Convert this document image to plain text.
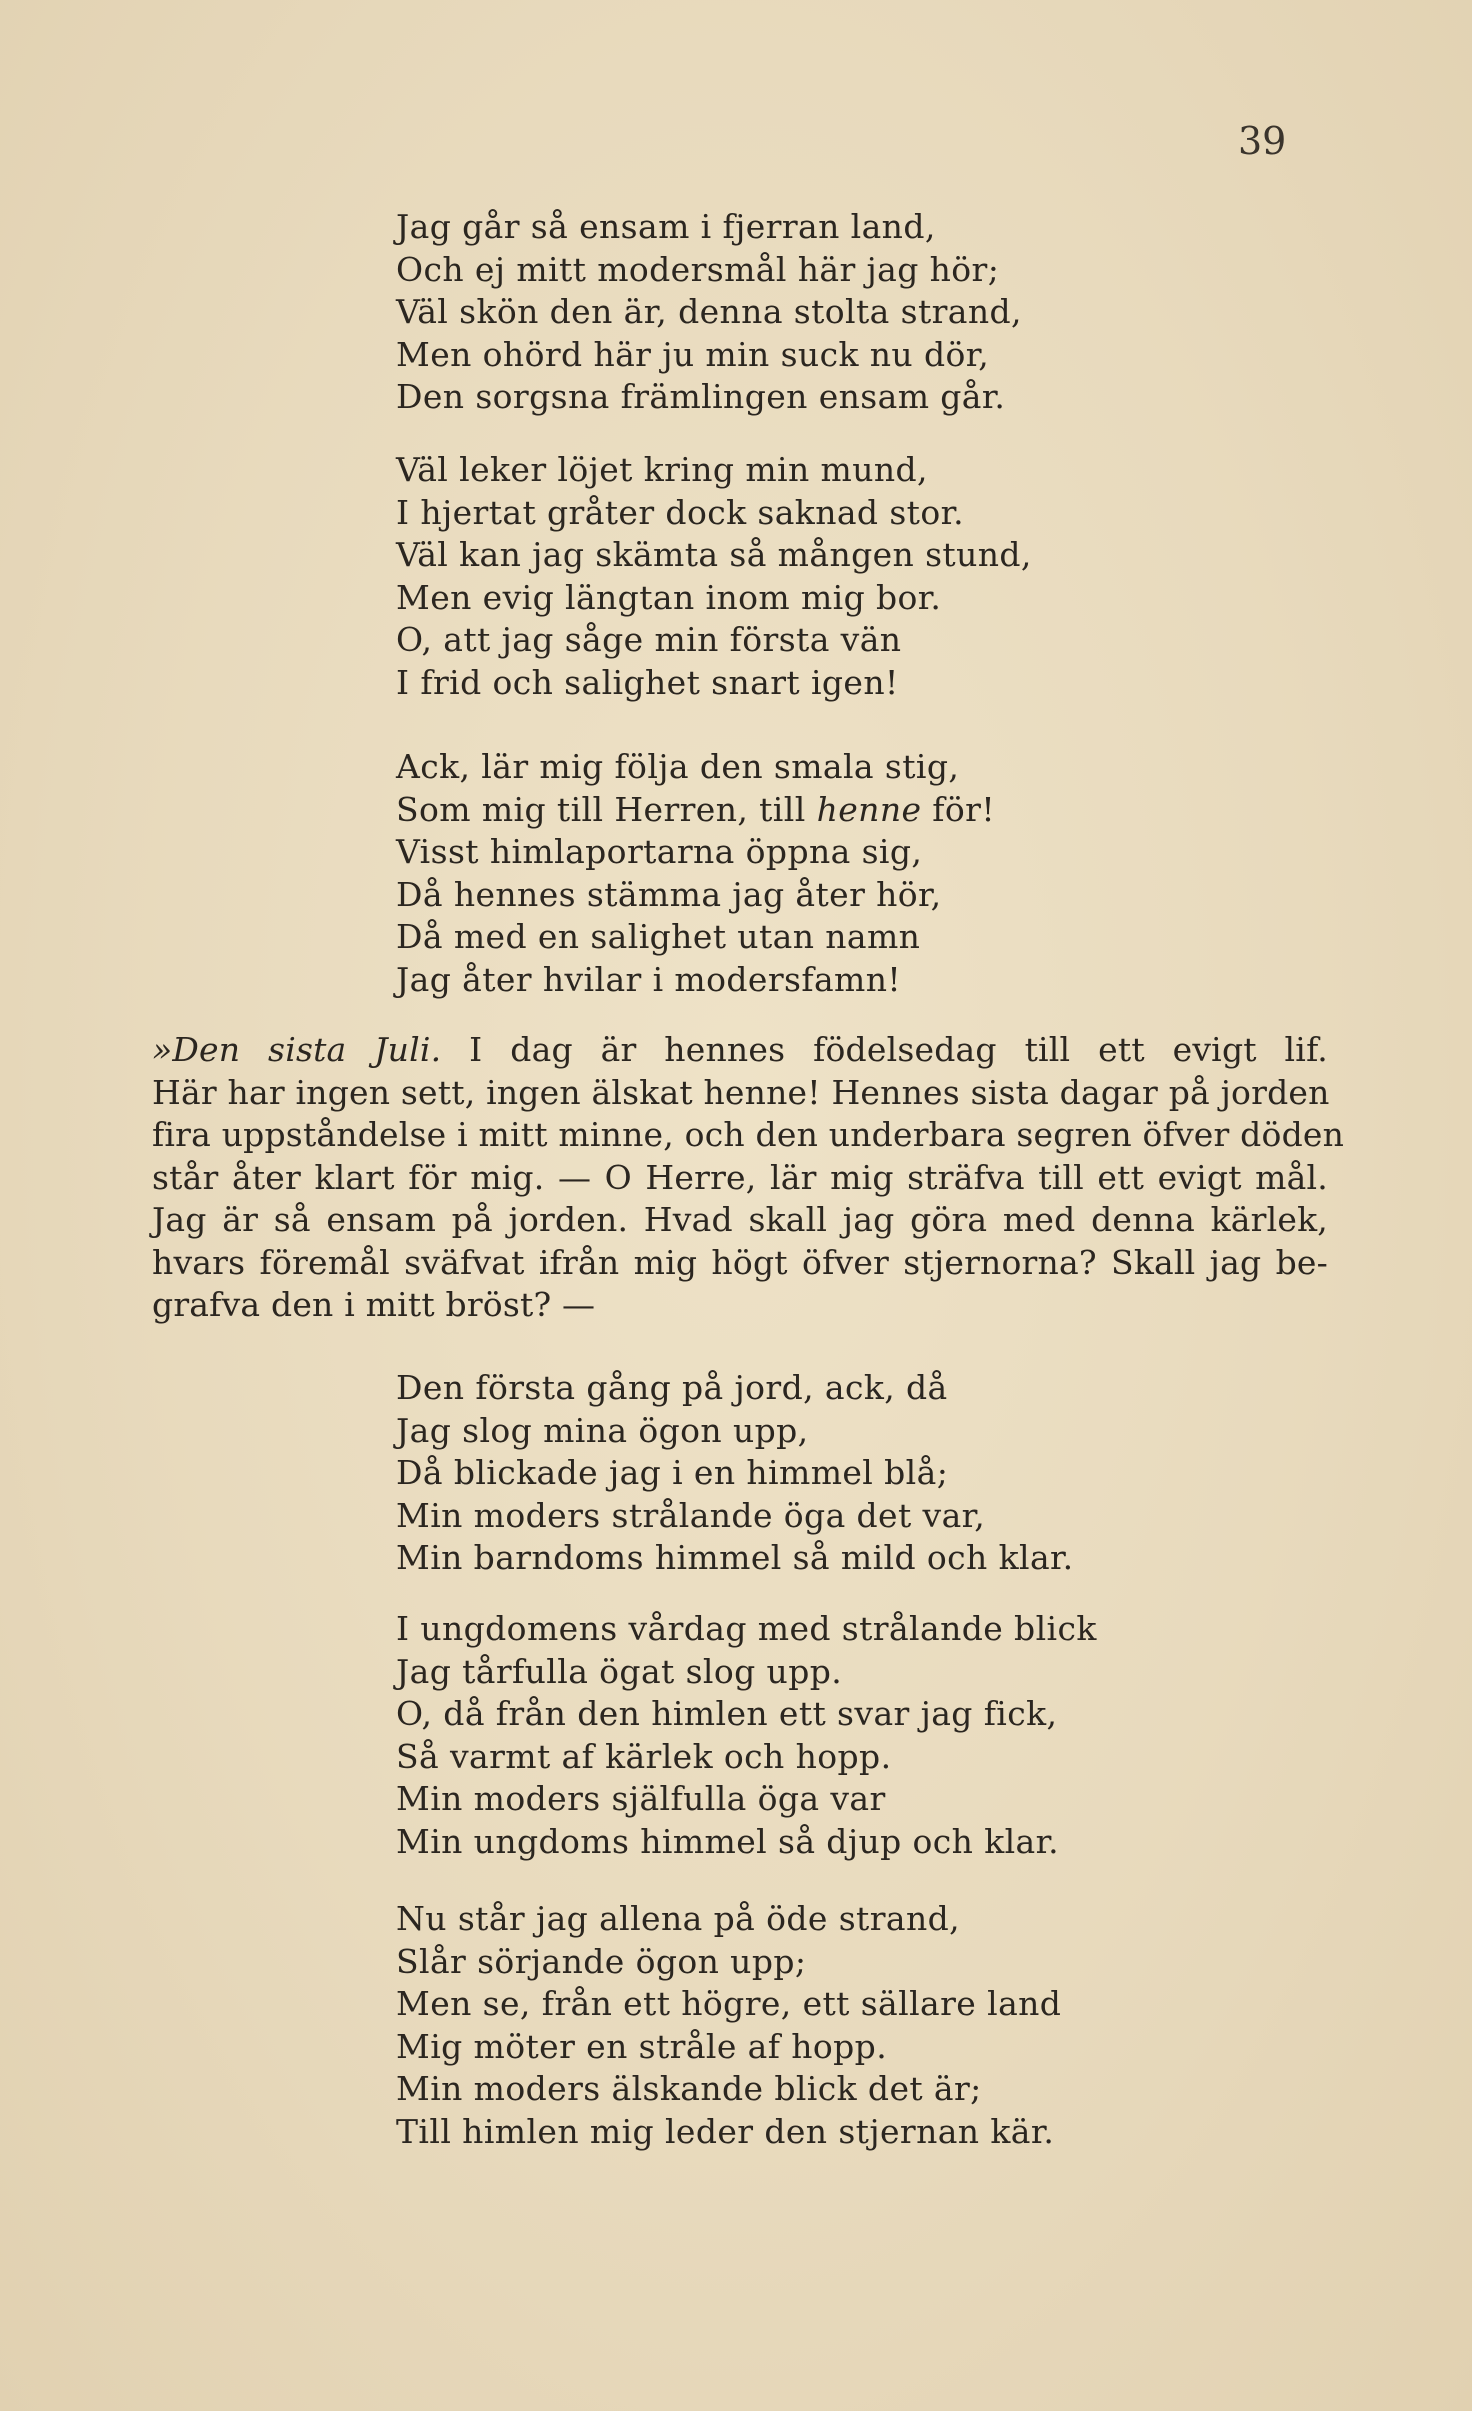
39
Jag går så ensam i fjerran land,
Och ej mitt modersmål här jag hör;
Väl skön den är, denna stolta strand,
Men ohörd här ju min suck nu dör,
Den sorgsna främlingen ensam går.
Väl leker löjet kring min mund,
I hjertat gråter dock saknad stor.
Väl kan jag skämta så mången stund,
Men evig längtan inom mig bor.
O, att jag såge min första vän
I frid och salighet snart igen!
Ack, lär mig följa den smala stig,
Som mig till Herren, till henne för!
Visst himlaportarna öppna sig,
Då hennes stämma jag åter hör,
Då med en salighet utan namn
Jag åter hvilar i modersfamn!
»Den sista Juli. I dag är hennes födelsedag till ett evigt lif.
Här har ingen sett, ingen älskat henne! Hennes sista dagar på jorden
fira uppståndelse i mitt minne, och den underbara segren öfver döden
står åter klart för mig. — O Herre, lär mig sträfva till ett evigt mål.
Jag är så ensam på jorden. Hvad skall jag göra med denna kärlek,
hvars föremål sväfvat ifrån mig högt öfver stjernorna? Skall jag be-
grafva den i mitt bröst? —
Den första gång på jord, ack, då
Jag slog mina ögon upp,
Då blickade jag i en himmel blå;
Min moders strålande öga det var,
Min barndoms himmel så mild och klar.
I ungdomens vårdag med strålande blick
Jag tårfulla ögat slog upp.
O, då från den himlen ett svar jag fick,
Så varmt af kärlek och hopp.
Min moders själfulla öga var
Min ungdoms himmel så djup och klar.
Nu står jag allena på öde strand,
Slår sörjande ögon upp;
Men se, från ett högre, ett sällare land
Mig möter en stråle af hopp.
Min moders älskande blick det är;
Till himlen mig leder den stjernan kär.
